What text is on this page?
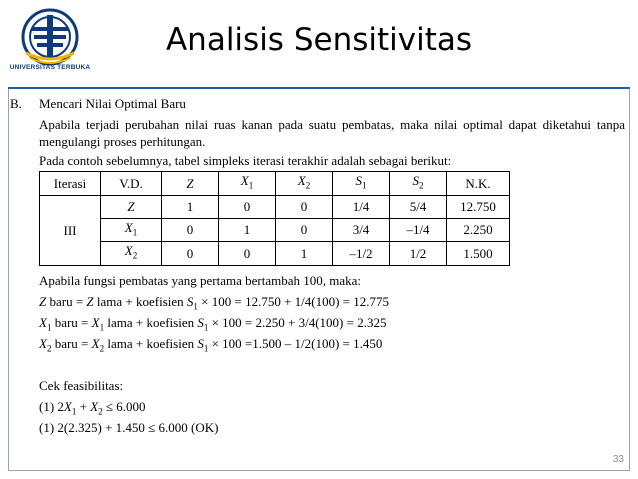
UNIVERSITAS TERBUKA
Analisis Sensitivitas
B.	Mencari Nilai Optimal Baru
Apabila terjadi perubahan nilai ruas kanan pada suatu pembatas, maka nilai optimal dapat diketahui tanpa mengulangi proses perhitungan.
Pada contoh sebelumnya, tabel simpleks iterasi terakhir adalah sebagai berikut:
Iterasi	V.D.	Z	$X_1$	$X_2$	$S_1$	$S_2$	N.K.
III	Z	1	0	0	1/4	5/4	12.750
	$X_1$	0	1	0	3/4	–1/4	2.250
	$X_2$	0	0	1	–1/2	1/2	1.500
Apabila fungsi pembatas yang pertama bertambah 100, maka:
Z baru = Z lama + koefisien $S_1 \times 100 = 12.750 + 1/4(100) = 12.775$
$X_1$ baru = $X_1$ lama + koefisien $S_1 \times 100 = 2.250 + 3/4(100) = 2.325$
$X_2$ baru = $X_2$ lama + koefisien $S_1 \times 100 =1.500 - 1/2(100) = 1.450$
Cek feasibilitas:
(1) $2X_1 + X_2 \le 6.000$
(1) 2(2.325) + 1.450 ≤ 6.000 (OK)
33
